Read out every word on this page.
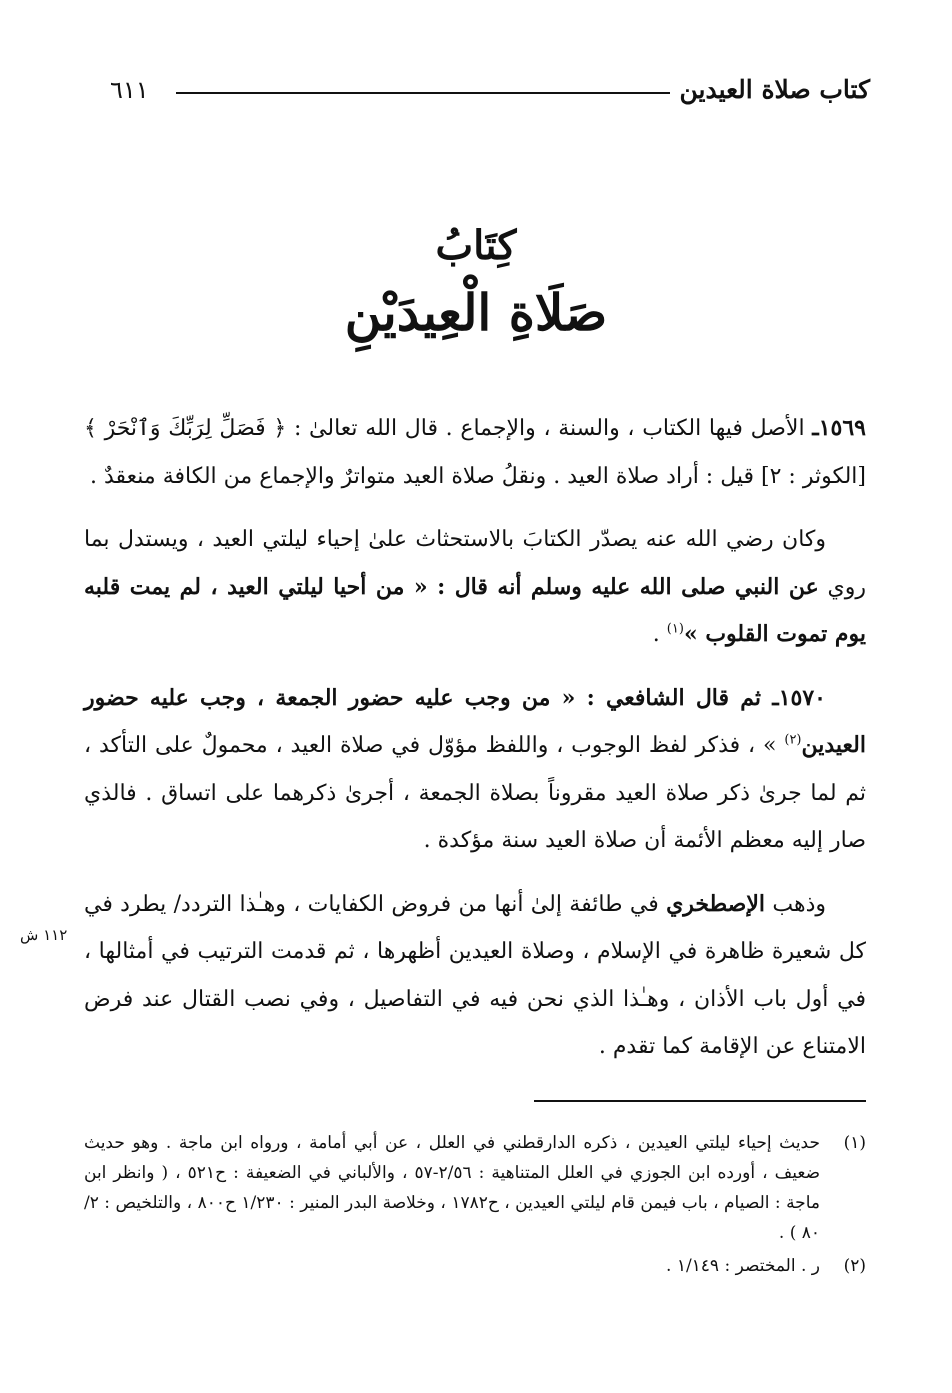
كتاب صلاة العيدين
٦١١
كِتَابُ
صَلَاةِ الْعِيدَيْنِ

١٥٦٩ـ الأصل فيها الكتاب ، والسنة ، والإجماع . قال الله تعالىٰ : ﴿ فَصَلِّ لِرَبِّكَ وَٱنْحَرْ ﴾ [الكوثر : ٢] قيل : أراد صلاة العيد . ونقلُ صلاة العيد متواترٌ والإجماع من الكافة منعقدٌ .

وكان رضي الله عنه يصدّر الكتابَ بالاستحثاث علىٰ إحياء ليلتي العيد ، ويستدل بما روي عن النبي صلى الله عليه وسلم أنه قال : « من أحيا ليلتي العيد ، لم يمت قلبه يوم تموت القلوب »$^{(١)}$ .

١٥٧٠ـ ثم قال الشافعي : « من وجب عليه حضور الجمعة ، وجب عليه حضور العيدين$^{(٢)}$ » ، فذكر لفظ الوجوب ، واللفظ مؤوّل في صلاة العيد ، محمولٌ على التأكد ، ثم لما جرىٰ ذكر صلاة العيد مقروناً بصلاة الجمعة ، أجرىٰ ذكرهما على اتساق . فالذي صار إليه معظم الأئمة أن صلاة العيد سنة مؤكدة .

وذهب الإصطخري في طائفة إلىٰ أنها من فروض الكفايات ، وهـٰذا التردد/ يطرد في كل شعيرة ظاهرة في الإسلام ، وصلاة العيدين أظهرها ، ثم قدمت الترتيب في أمثالها ، في أول باب الأذان ، وهـٰذا الذي نحن فيه في التفاصيل ، وفي نصب القتال عند فرض الامتناع عن الإقامة كما تقدم .

١١٢ ش
(١)
حديث إحياء ليلتي العيدين ، ذكره الدارقطني في العلل ، عن أبي أمامة ، ورواه ابن ماجة . وهو حديث ضعيف ، أورده ابن الجوزي في العلل المتناهية : ٢/٥٦-٥٧ ، والألباني في الضعيفة : ح٥٢١ ، ( وانظر ابن ماجة : الصيام ، باب فيمن قام ليلتي العيدين ، ح١٧٨٢ ، وخلاصة البدر المنير : ١/٢٣٠ ح٨٠٠ ، والتلخيص : ٢/ ٨٠ ) .
(٢)
ر . المختصر : ١/١٤٩ .
